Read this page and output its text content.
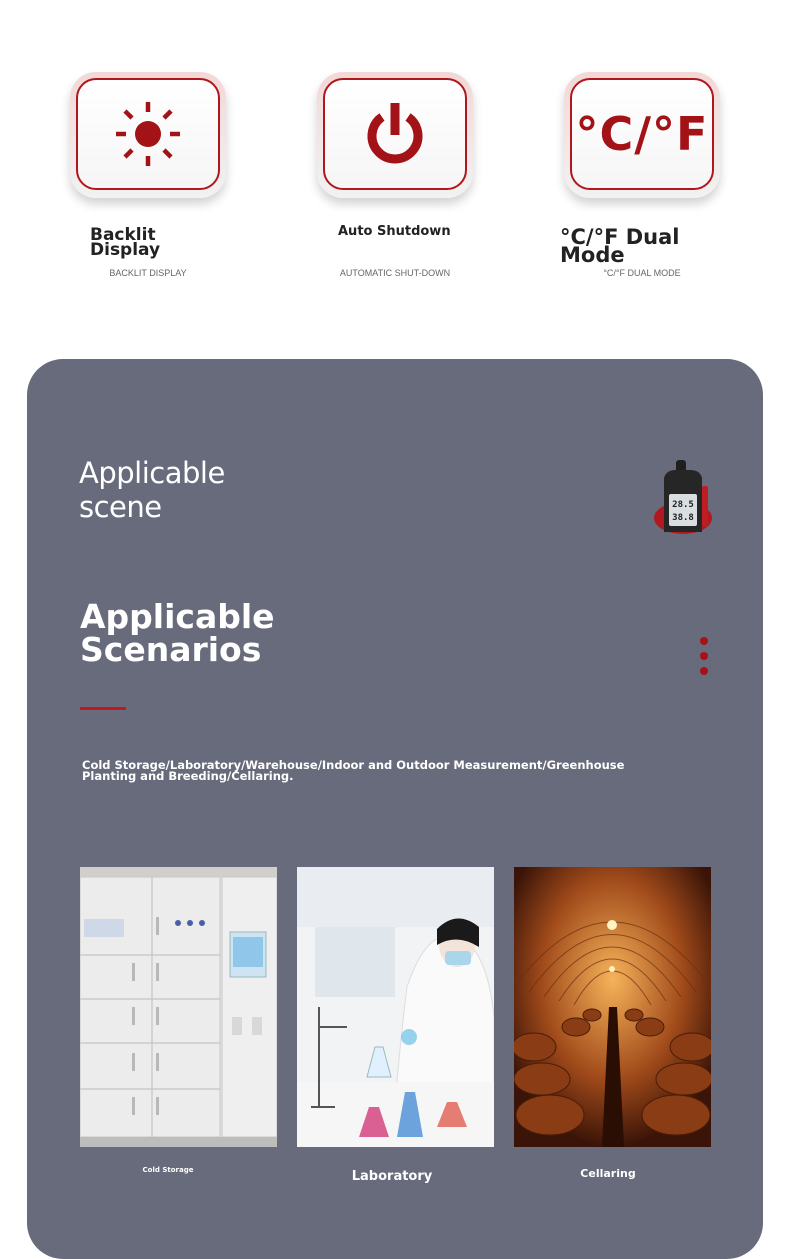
°C/°F
Backlit Display
BACKLIT DISPLAY
Auto Shutdown
AUTOMATIC SHUT-DOWN
°C/°F Dual Mode
°C/°F DUAL MODE
Applicable scene	28.5
38.8
Applicable Scenarios
Cold Storage/Laboratory/Warehouse/Indoor and Outdoor Measurement/Greenhouse Planting and Breeding/Cellaring.
Cold Storage	Laboratory	Cellaring
